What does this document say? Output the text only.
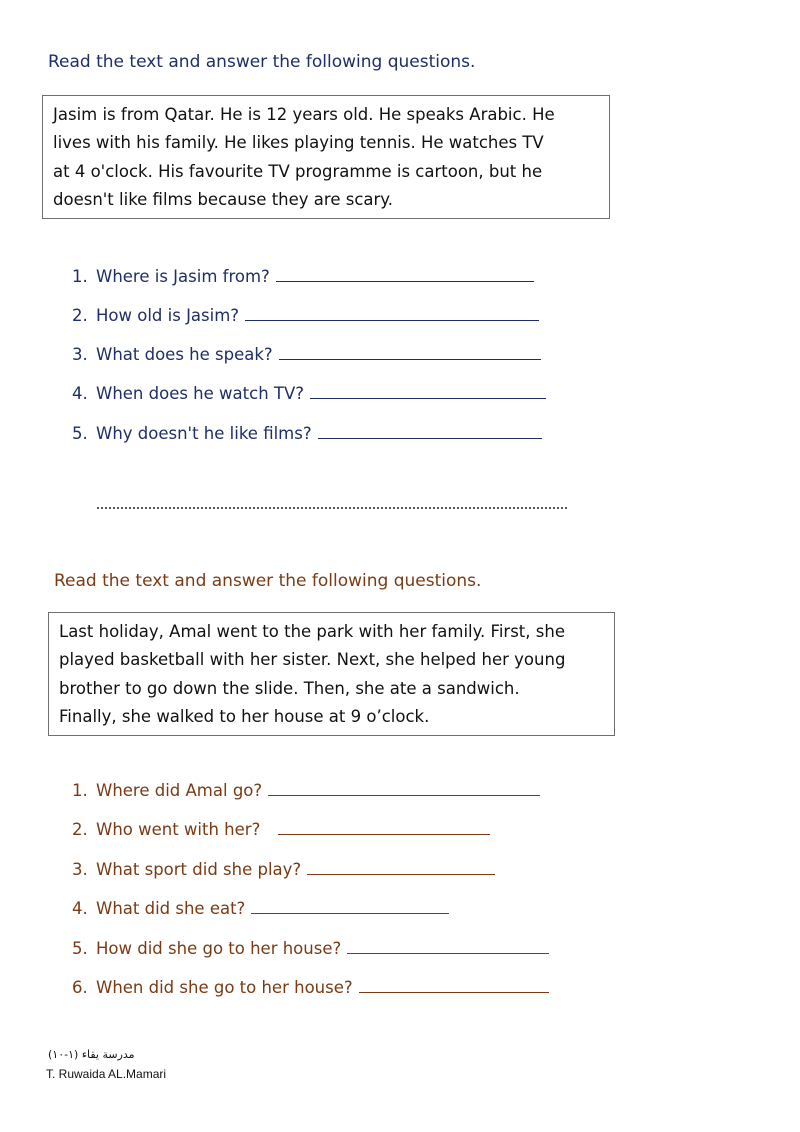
Read the text and answer the following questions.
Jasim is from Qatar. He is 12 years old. He speaks Arabic. He
lives with his family. He likes playing tennis. He watches TV
at 4 o'clock. His favourite TV programme is cartoon, but he
doesn't like films because they are scary.
1. Where is Jasim from?
2. How old is Jasim?
3. What does he speak?
4. When does he watch TV?
5. Why doesn't he like films?
Read the text and answer the following questions.
Last holiday, Amal went to the park with her family. First, she
played basketball with her sister. Next, she helped her young
brother to go down the slide. Then, she ate a sandwich.
Finally, she walked to her house at 9 o’clock.
1. Where did Amal go?
2. Who went with her?
3. What sport did she play?
4. What did she eat?
5. How did she go to her house?
6. When did she go to her house?
مدرسة يقاء (١-١٠)
T. Ruwaida AL.Mamari
